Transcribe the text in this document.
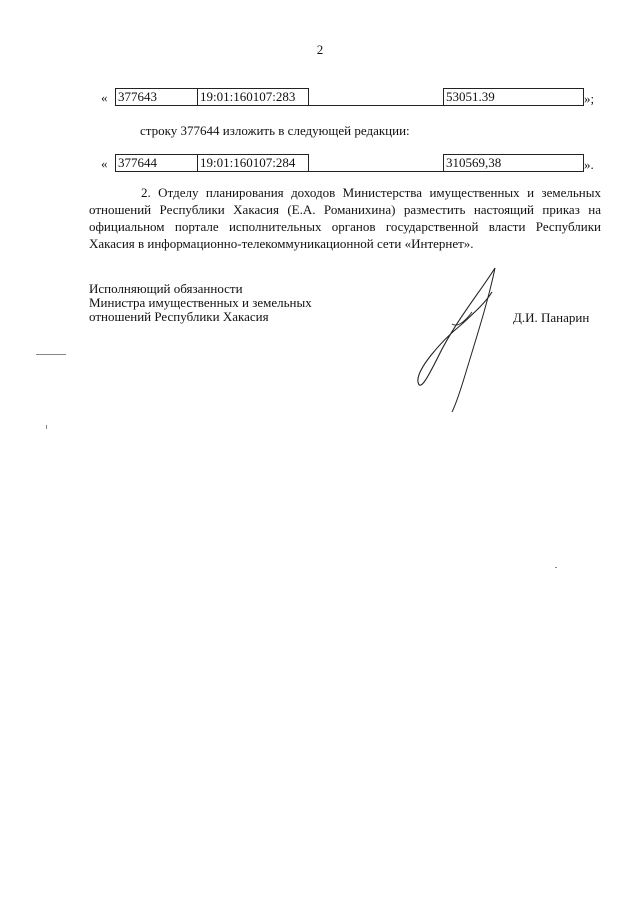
2
« 377643	19:01:160107:283		53051.39	»;
строку 377644 изложить в следующей редакции:
« 377644	19:01:160107:284		310569,38	».

2. Отделу планирования доходов Министерства имущественных и земельных отношений Республики Хакасия (Е.А. Романихина) разместить настоящий приказ на официальном портале исполнительных органов государственной власти Республики Хакасия в информационно-телекоммуникационной сети «Интернет».

Исполняющий обязанности
Министра имущественных и земельных
отношений Республики Хакасия	Д.И. Панарин
